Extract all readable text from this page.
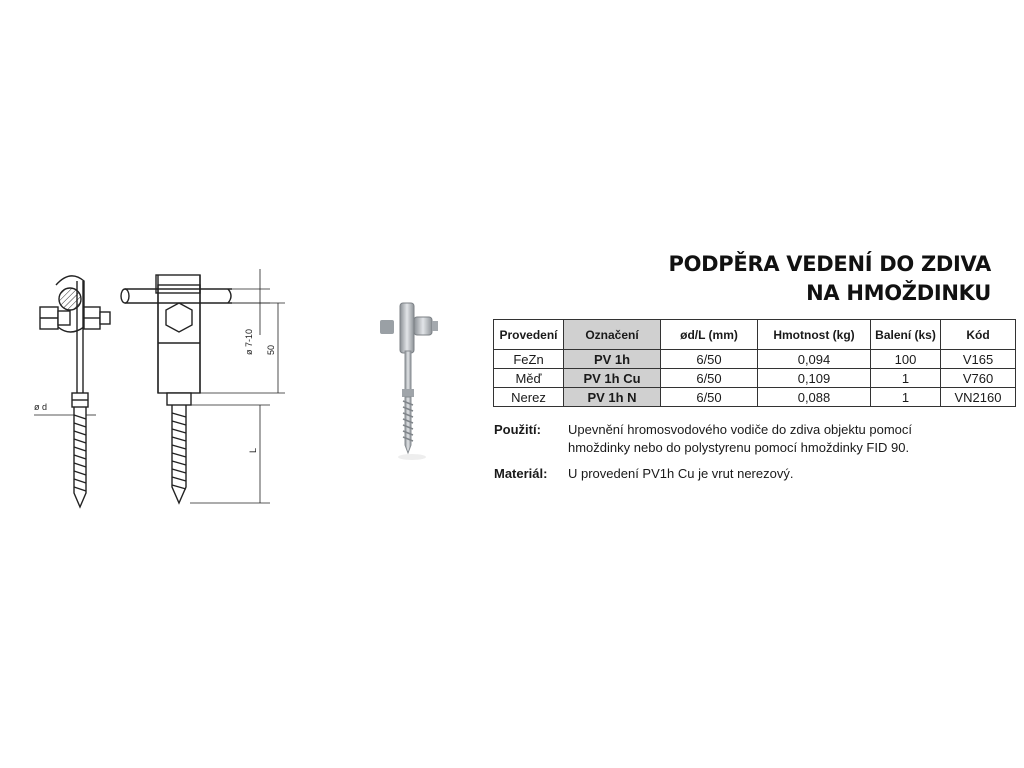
ø d
ø 7-10 50
L
PODPĚRA VEDENÍ DO ZDIVA
NA HMOŽDINKU
Provedení	Označení	ød/L (mm)	Hmotnost (kg)	Balení (ks)	Kód
FeZn	PV 1h	6/50	0,094	100	V165
Měď	PV 1h Cu	6/50	0,109	1	V760
Nerez	PV 1h N	6/50	0,088	1	VN2160
Použití: Upevnění hromosvodového vodiče do zdiva objektu pomocí
hmoždinky nebo do polystyrenu pomocí hmoždinky FID 90.
Materiál: U provedení PV1h Cu je vrut nerezový.
